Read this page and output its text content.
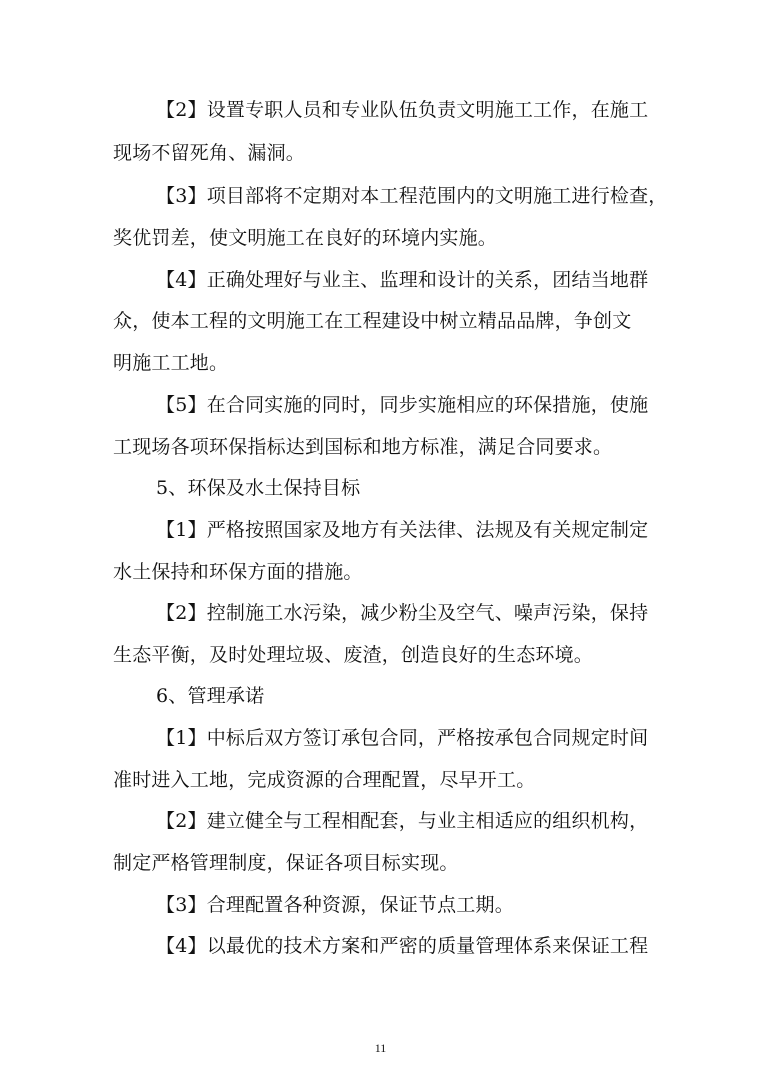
【2】设置专职人员和专业队伍负责文明施工工作，在施工
现场不留死角、漏洞。
【3】项目部将不定期对本工程范围内的文明施工进行检查，
奖优罚差，使文明施工在良好的环境内实施。
【4】正确处理好与业主、监理和设计的关系，团结当地群
众，使本工程的文明施工在工程建设中树立精品品牌，争创文
明施工工地。
【5】在合同实施的同时，同步实施相应的环保措施，使施
工现场各项环保指标达到国标和地方标准，满足合同要求。
5、环保及水土保持目标
【1】严格按照国家及地方有关法律、法规及有关规定制定
水土保持和环保方面的措施。
【2】控制施工水污染，减少粉尘及空气、噪声污染，保持
生态平衡，及时处理垃圾、废渣，创造良好的生态环境。
6、管理承诺
【1】中标后双方签订承包合同，严格按承包合同规定时间
准时进入工地，完成资源的合理配置，尽早开工。
【2】建立健全与工程相配套，与业主相适应的组织机构，
制定严格管理制度，保证各项目标实现。
【3】合理配置各种资源，保证节点工期。
【4】以最优的技术方案和严密的质量管理体系来保证工程
11
